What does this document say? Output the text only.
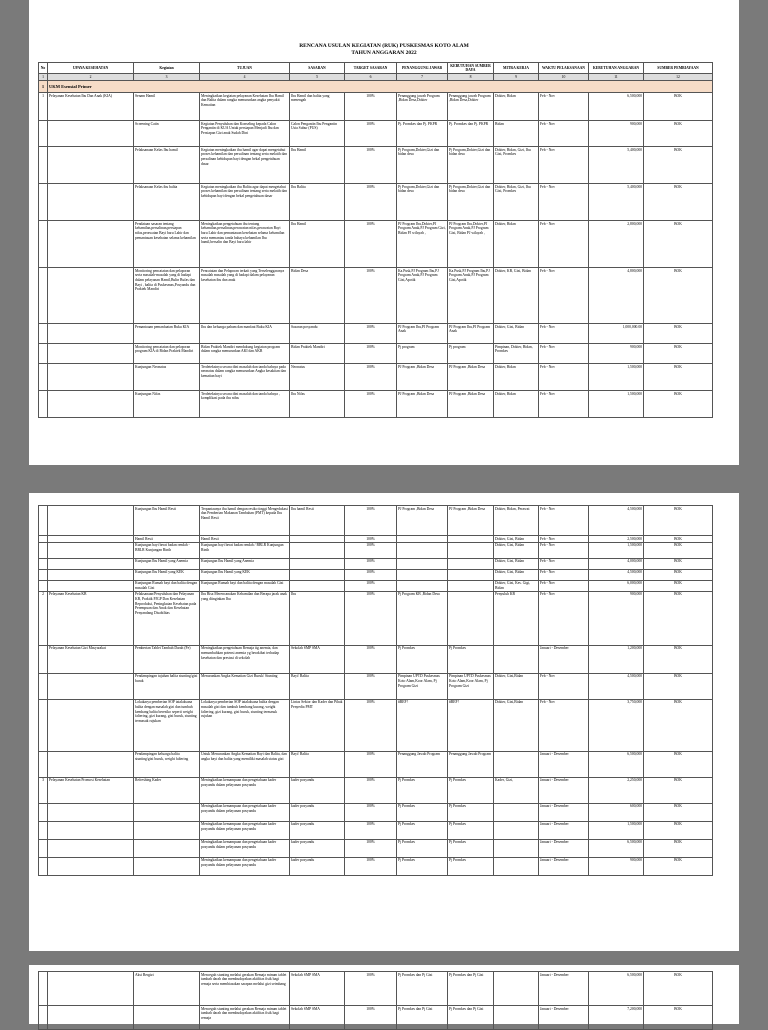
RENCANA USULAN KEGIATAN (RUK) PUSKESMAS KOTO ALAM
TAHUN ANGGARAN 2022
No	UPAYA KESEHATAN	Kegiatan	TUJUAN	SASARAN	TARGET SASARAN	PENANGGUNG JAWAB	KEBUTUHAN SUMBER DAYA	MITRA KERJA	WAKTU PELAKSANAAN	KEBUTUHAN ANGGARAN	SUMBER PEMBIAYAAN
1	2	3	4	5	6	7	8	9	10	11	12
1	UKM Esensial Primer										
1	Pelayanan Kesehatan Ibu Dan Anak (KIA)	Senam Hamil	Meningkatkan kegiatan pelayanan Kesehatan Ibu Hamil dan Balita dalam rangka menurunkan angka penyakit Kematian	Ibu Hamil dan balita yang menengah	100%	Penanggung jawab Program ,Bidan Desa,Dokter	Penanggung jawab Program ,Bidan Desa,Dokter	Dokter, Bidan	Feb - Nov	6,500,000	BOK
		Screening Catin	Kegiatan Penyuluhan dan Konseling kepada Calon Pengantin di KUA Untuk persiapan Menjadi Ibu dan Persiapan Gizi anak Sudah Dini	Calon Pengantin Ibu Pengantin Usia Subur (PUS)	100%	Pj. Promkes dan Pj. PKPR	Pj. Promkes dan Pj. PKPR	Bidan	Feb - Nov	900,000	BOK
		Pelaksanaan Kelas Ibu hamil	Kegiatan meningkatkan ibu hamil agar dapat mengetahui proses kehamilan dan persalinan tentang serta melatih dan persalinan kehidupan bayi dengan bekal pengetahuan dasar	Ibu Hamil	100%	Pj Program,Dokter,Gizi dan bidan desa	Pj Program,Dokter,Gizi dan bidan desa	Dokter, Bidan, Gizi, Ibu Gizi, Promkes	Feb - Nov	5,400,000	BOK
		Pelaksanaan Kelas ibu balita	Kegiatan meningkatkan ibu Balita agar dapat mengetahui proses kehamilan dan persalinan tentang serta melatih dan kehidupan bayi dengan bekal pengetahuan dasar	Ibu Balita	100%	Pj Program,Dokter,Gizi dan bidan desa	Pj Program,Dokter,Gizi dan bidan desa	Dokter, Bidan, Gizi, Ibu Gizi, Promkes	Feb - Nov	5,400,000	BOK
		Pendataan sasaran tentang kehamilan,persalinan,persiapan nifas,perawatan Bayi baru Lahir dan pemantauan kesehatan selama kehamilan	Meningkatkan pengetahuan ibu tentang kehamilan,persalinan,perawatan nifas,perawatan Bayi baru Lahir dan pemantauan kesehatan selama kehamilan serta memantau tanda bahaya kehamilan Ibu hamil,bersalin dan Bayi baru lahir	Ibu Hamil	100%	PJ Program Ibu,Dokter,PJ Program Anak,PJ Program Gizi, Bidan PJ wilayah ,	PJ Program Ibu,Dokter,PJ Program Anak,PJ Program Gizi, Bidan PJ wilayah ,	Dokter, Bidan	Feb - Nov	2,800,000	BOK
		Monitoring pencatatan dan pelaporan serta masalah-masalah yang di hadapi dalam pelayanan Hamil,Bulin Bufas dan Bayi , balita di Puskesmas,Posyandu dan Praktek Mandiri	Pencatatan dan Pelaporan terkait yang Terselenggaranya masalah masalah yang di hadapi dalam pelayanan kesehatan ibu dan anak	Bidan Desa	100%	Ka.Pusk,PJ Program Ibu,PJ Program Anak,PJ Program Gizi,Apotik	Ka.Pusk,PJ Program Ibu,PJ Program Anak,PJ Program Gizi,Apotik	Dokter, KB, Gizi, Bidan	Feb - Nov	4,800,000	BOK
		Pemantauan pemanfaatan Buku KIA	Ibu dan keluarga paham dan manfaat Buku KIA	Sasaran posyandu	100%	PJ Program Ibu,PJ Program Anak	PJ Program Ibu,PJ Program Anak	Dokter, Gizi, Bidan	Feb - Nov	1,000,000.00	BOK
		Monitoring pencatatan dan pelaporan program KIA di Bidan Praktek Mandiri	Bidan Praktek Mandiri mendukung kegiatan program dalam rangka menurunkan AKI dan AKB	Bidan Praktek Mandiri	100%	Pj program	Pj program	Pimpinan, Dokter, Bidan, Promkes	Feb - Nov	900,000	BOK
		Kunjungan Neonatus	Terdeteksinya secara dini masalah dan tanda bahaya pada neonatus dalam rangka menurunkan Angka kesakitan dan kematian bayi	Neonatus	100%	PJ Program ,Bidan Desa	PJ Program ,Bidan Desa	Dokter, Bidan	Feb - Nov	1,500,000	BOK
		Kunjungan Nifas	Terdeteksinya secara dini masalah dan tanda bahaya , komplikasi pada ibu nifas	Ibu Nifas	100%	PJ Program ,Bidan Desa	PJ Program ,Bidan Desa	Dokter, Bidan	Feb - Nov	1,500,000	BOK
		Kunjungan Ibu Hamil Resti	Terpantaunya ibu hamil dengan resiko tinggi Mengedukasi dan Pemberian Makanan Tambahan (PMT) kepada Ibu Hamil Resti	Ibu hamil Resti	100%	PJ Program ,Bidan Desa	PJ Program ,Bidan Desa	Dokter, Bidan, Perawat	Feb - Nov	4,500,000	BOK
		Hamil Resti	Hamil Resti		100%			Dokter, Gizi, Bidan	Feb - Nov	2,500,000	BOK
		Kunjungan bayi berat badan rendah - BBLR Kunjungan Rinth	Kunjungan bayi berat badan rendah / BBLR Kunjungan Rinth		100%			Dokter, Gizi, Bidan	Feb - Nov	1,500,000	BOK
		Kunjungan Ibu Hamil yang Anemia	Kunjungan Ibu Hamil yang Anemia		100%			Dokter, Gizi, Bidan	Feb - Nov	4,000,000	BOK
		Kunjungan Ibu Hamil yang KEK	Kunjungan Ibu Hamil yang KEK		100%			Dokter, Gizi, Bidan	Feb - Nov	4,500,000	BOK
		Kunjungan Rumah bayi dan balita dengan masalah Gizi	Kunjungan Rumah bayi dan balita dengan masalah Gizi		100%			Dokter, Gizi, Kes. Gigi, Bidan	Feb - Nov	6,000,000	BOK
2	Pelayanan Kesehatan KB	Pelaksanaan/Penyuluhan dan Pelayanan KB, Praktik PJGP Dan Kesehatan Reproduksi, Peningkatan Kesehatan pada Perempuan dan Anak dan Kesehatan Penyandang Disabilitas	Ibu Bisa Merencanakan Kehamilan dan Berapa jarak anak yang diinginkan Ibu	Ibu	100%	Pj Program KB ,Bidan Desa		Penyuluh KB	Feb - Nov	900,000	BOK
	Pelayanan Kesehatan Gizi Masyarakat	Pemberian Tablet Tambah Darah (Fe)	Meningkatkan pengetahuan Remaja ttg anemia, dan menumbuhkan potensi anemia yg berakibat terhadap kesehatan dan prestasi di sekolah	Sekolah SMP SMA	100%	Pj Promkes	Pj Promkes		Januari - Desember	1,200,000	BOK
		Pendampingan tujuhan balita stunting/gizi buruk	Menurunkan Angka Kematian Gizi Buruk/ Stunting	Bayi/ Balita	100%	Pimpinan UPTD Puskesmas Koto Alam,Koor Alam, Pj Program Gizi	Pimpinan UPTD Puskesmas Koto Alam,Koor Alam, Pj Program Gizi	Dokter, Gizi,Bidan	Feb - Nov	4,500,000	BOK
		Lokakarya pemberian SOP tatalaksana balita dengan masalah gizi dan tumbuh kembang balita beresiko seperti weight faltering, gizi kurang, gizi buruk, stunting termasuk rujukan	Lokakarya pemberian SOP tatalaksana balita dengan masalah gizi dan tumbuh kembang kurang, weight faltering, gizi kurang, gizi buruk, stunting termasuk rujukan	Lintas Sektor dan Kader dan Pihak Penyedia PMT	100%	#REF!	#REF!	Dokter, Gizi,Bidan	Feb - Nov	3,750,000	BOK
		Pendampingan keluarga balita stunting/gizi buruk, weight faltering	Untuk Menurunkan Angka Kematian Bayi dan Balita, dan angka bayi dan balita yang memiliki masalah status gizi	Bayi/ Balita	100%	Penanggung Jawab Program	Penanggung Jawab Program		Januari - Desember	6,500,000	BOK
3	Pelayanan Kesehatan Promosi Kesehatan	Refreshing Kader	Meningkatkan kemampuan dan pengetahuan kader posyandu dalam pelayanan posyandu	kader posyandu	100%	Pj Promkes	Pj Promkes	Kader, Gizi,	Januari - Desember	2,250,000	BOK
			Meningkatkan kemampuan dan pengetahuan kader posyandu dalam pelayanan posyandu	kader posyandu	100%	Pj Promkes	Pj Promkes		Januari - Desember	600,000	BOK
			Meningkatkan kemampuan dan pengetahuan kader posyandu dalam pelayanan posyandu	kader posyandu	100%	Pj Promkes	Pj Promkes		Januari - Desember	1,500,000	BOK
			Meningkatkan kemampuan dan pengetahuan kader posyandu dalam pelayanan posyandu	kader posyandu	100%	Pj Promkes	Pj Promkes		Januari - Desember	6,500,000	BOK
			Meningkatkan kemampuan dan pengetahuan kader posyandu dalam pelayanan posyandu	kader posyandu	100%	Pj Promkes	Pj Promkes		Januari - Desember	900,000	BOK
		Aksi Bergizi	Mencegah stunting melalui gerakan Remaja minum tablet tambah darah dan membudayakan aktifitas fisik bagi remaja serta membiasakan sarapan melalui gizi seimbang	Sekolah SMP SMA	100%	Pj Promkes dan Pj Gizi	Pj Promkes dan Pj Gizi		Januari - Desember	6,500,000	BOK
			Mencegah stunting melalui gerakan Remaja minum tablet tambah darah dan membudayakan aktifitas fisik bagi remaja	Sekolah SMP SMA	100%	Pj Promkes dan Pj Gizi	Pj Promkes dan Pj Gizi		Januari - Desember	7,200,000	BOK
